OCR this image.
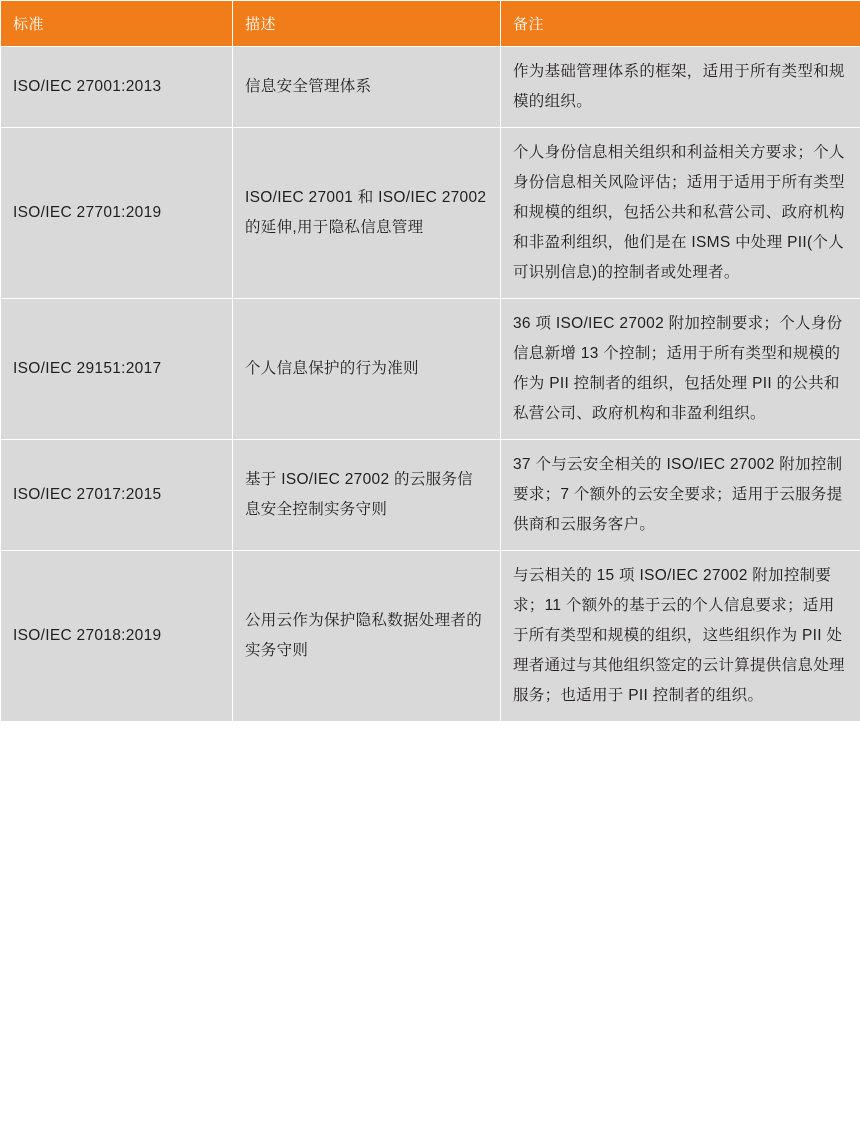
标准	描述	备注
ISO/IEC 27001:2013	信息安全管理体系	作为基础管理体系的框架，适用于所有类型和规模的组织。
ISO/IEC 27701:2019	ISO/IEC 27001 和 ISO/IEC 27002 的延伸,用于隐私信息管理	个人身份信息相关组织和利益相关方要求；个人身份信息相关风险评估；适用于适用于所有类型和规模的组织，包括公共和私营公司、政府机构和非盈利组织，他们是在 ISMS 中处理 PII(个人可识别信息)的控制者或处理者。
ISO/IEC 29151:2017	个人信息保护的行为准则	36 项 ISO/IEC 27002 附加控制要求；个人身份信息新增 13 个控制；适用于所有类型和规模的作为 PII 控制者的组织，包括处理 PII 的公共和私营公司、政府机构和非盈利组织。
ISO/IEC 27017:2015	基于 ISO/IEC 27002 的云服务信息安全控制实务守则	37 个与云安全相关的 ISO/IEC 27002 附加控制要求；7 个额外的云安全要求；适用于云服务提供商和云服务客户。
ISO/IEC 27018:2019	公用云作为保护隐私数据处理者的实务守则	与云相关的 15 项 ISO/IEC 27002 附加控制要求；11 个额外的基于云的个人信息要求；适用于所有类型和规模的组织，这些组织作为 PII 处理者通过与其他组织签定的云计算提供信息处理服务；也适用于 PII 控制者的组织。
